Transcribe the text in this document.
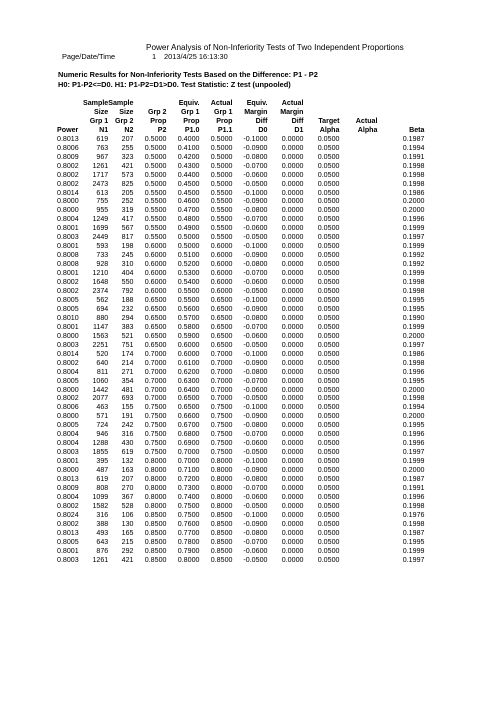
Power Analysis of Non-Inferiority Tests of Two Independent Proportions
Page/Date/Time	1 2013/4/25 16:13:30
Numeric Results for Non-Inferiority Tests Based on the Difference: P1 - P2
H0: P1-P2<=D0. H1: P1-P2=D1>D0. Test Statistic: Z test (unpooled)
	Sample	Sample		Equiv.	Actual	Equiv.	Actual			
	Size	Size	Grp 2	Grp 1	Grp 1	Margin	Margin			
	Grp 1	Grp 2	Prop	Prop	Prop	Diff	Diff	Target	Actual	
Power	N1	N2	P2	P1.0	P1.1	D0	D1	Alpha	Alpha	Beta
0.8013	619	207	0.5000	0.4000	0.5000	-0.1000	0.0000	0.0500		0.1987
0.8006	763	255	0.5000	0.4100	0.5000	-0.0900	0.0000	0.0500		0.1994
0.8009	967	323	0.5000	0.4200	0.5000	-0.0800	0.0000	0.0500		0.1991
0.8002	1261	421	0.5000	0.4300	0.5000	-0.0700	0.0000	0.0500		0.1998
0.8002	1717	573	0.5000	0.4400	0.5000	-0.0600	0.0000	0.0500		0.1998
0.8002	2473	825	0.5000	0.4500	0.5000	-0.0500	0.0000	0.0500		0.1998
0.8014	613	205	0.5500	0.4500	0.5500	-0.1000	0.0000	0.0500		0.1986
0.8000	755	252	0.5500	0.4600	0.5500	-0.0900	0.0000	0.0500		0.2000
0.8000	955	319	0.5500	0.4700	0.5500	-0.0800	0.0000	0.0500		0.2000
0.8004	1249	417	0.5500	0.4800	0.5500	-0.0700	0.0000	0.0500		0.1996
0.8001	1699	567	0.5500	0.4900	0.5500	-0.0600	0.0000	0.0500		0.1999
0.8003	2449	817	0.5500	0.5000	0.5500	-0.0500	0.0000	0.0500		0.1997
0.8001	593	198	0.6000	0.5000	0.6000	-0.1000	0.0000	0.0500		0.1999
0.8008	733	245	0.6000	0.5100	0.6000	-0.0900	0.0000	0.0500		0.1992
0.8008	928	310	0.6000	0.5200	0.6000	-0.0800	0.0000	0.0500		0.1992
0.8001	1210	404	0.6000	0.5300	0.6000	-0.0700	0.0000	0.0500		0.1999
0.8002	1648	550	0.6000	0.5400	0.6000	-0.0600	0.0000	0.0500		0.1998
0.8002	2374	792	0.6000	0.5500	0.6000	-0.0500	0.0000	0.0500		0.1998
0.8005	562	188	0.6500	0.5500	0.6500	-0.1000	0.0000	0.0500		0.1995
0.8005	694	232	0.6500	0.5600	0.6500	-0.0900	0.0000	0.0500		0.1995
0.8010	880	294	0.6500	0.5700	0.6500	-0.0800	0.0000	0.0500		0.1990
0.8001	1147	383	0.6500	0.5800	0.6500	-0.0700	0.0000	0.0500		0.1999
0.8000	1563	521	0.6500	0.5900	0.6500	-0.0600	0.0000	0.0500		0.2000
0.8003	2251	751	0.6500	0.6000	0.6500	-0.0500	0.0000	0.0500		0.1997
0.8014	520	174	0.7000	0.6000	0.7000	-0.1000	0.0000	0.0500		0.1986
0.8002	640	214	0.7000	0.6100	0.7000	-0.0900	0.0000	0.0500		0.1998
0.8004	811	271	0.7000	0.6200	0.7000	-0.0800	0.0000	0.0500		0.1996
0.8005	1060	354	0.7000	0.6300	0.7000	-0.0700	0.0000	0.0500		0.1995
0.8000	1442	481	0.7000	0.6400	0.7000	-0.0600	0.0000	0.0500		0.2000
0.8002	2077	693	0.7000	0.6500	0.7000	-0.0500	0.0000	0.0500		0.1998
0.8006	463	155	0.7500	0.6500	0.7500	-0.1000	0.0000	0.0500		0.1994
0.8000	571	191	0.7500	0.6600	0.7500	-0.0900	0.0000	0.0500		0.2000
0.8005	724	242	0.7500	0.6700	0.7500	-0.0800	0.0000	0.0500		0.1995
0.8004	946	316	0.7500	0.6800	0.7500	-0.0700	0.0000	0.0500		0.1996
0.8004	1288	430	0.7500	0.6900	0.7500	-0.0600	0.0000	0.0500		0.1996
0.8003	1855	619	0.7500	0.7000	0.7500	-0.0500	0.0000	0.0500		0.1997
0.8001	395	132	0.8000	0.7000	0.8000	-0.1000	0.0000	0.0500		0.1999
0.8000	487	163	0.8000	0.7100	0.8000	-0.0900	0.0000	0.0500		0.2000
0.8013	619	207	0.8000	0.7200	0.8000	-0.0800	0.0000	0.0500		0.1987
0.8009	808	270	0.8000	0.7300	0.8000	-0.0700	0.0000	0.0500		0.1991
0.8004	1099	367	0.8000	0.7400	0.8000	-0.0600	0.0000	0.0500		0.1996
0.8002	1582	528	0.8000	0.7500	0.8000	-0.0500	0.0000	0.0500		0.1998
0.8024	316	106	0.8500	0.7500	0.8500	-0.1000	0.0000	0.0500		0.1976
0.8002	388	130	0.8500	0.7600	0.8500	-0.0900	0.0000	0.0500		0.1998
0.8013	493	165	0.8500	0.7700	0.8500	-0.0800	0.0000	0.0500		0.1987
0.8005	643	215	0.8500	0.7800	0.8500	-0.0700	0.0000	0.0500		0.1995
0.8001	876	292	0.8500	0.7900	0.8500	-0.0600	0.0000	0.0500		0.1999
0.8003	1261	421	0.8500	0.8000	0.8500	-0.0500	0.0000	0.0500		0.1997
